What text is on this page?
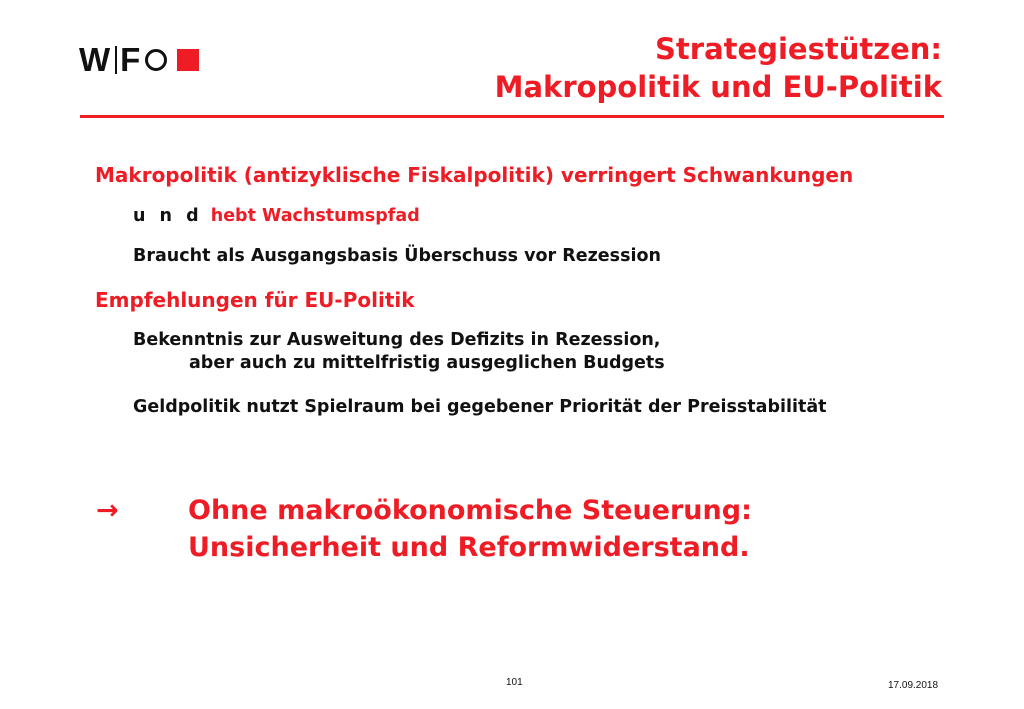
W F	Strategiestützen:
Makropolitik und EU-Politik
Makropolitik (antizyklische Fiskalpolitik) verringert Schwankungen
u n d hebt Wachstumspfad
Braucht als Ausgangsbasis Überschuss vor Rezession
Empfehlungen für EU-Politik
Bekenntnis zur Ausweitung des Defizits in Rezession,
aber auch zu mittelfristig ausgeglichen Budgets
Geldpolitik nutzt Spielraum bei gegebener Priorität der Preisstabilität
→	Ohne makroökonomische Steuerung:
Unsicherheit und Reformwiderstand.
101	17.09.2018
